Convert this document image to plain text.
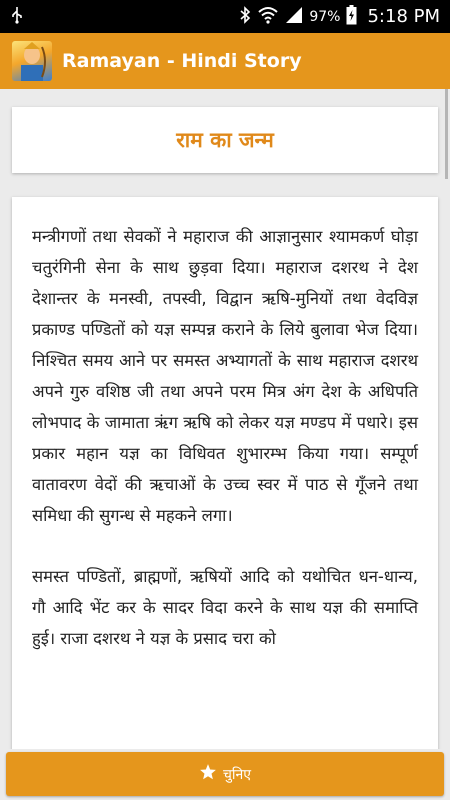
97% 5:18 PM
Ramayan - Hindi Story
राम का जन्म

मन्त्रीगणों तथा सेवकों ने महाराज की आज्ञानुसार श्यामकर्ण घोड़ा चतुरंगिनी सेना के साथ छुड़वा दिया। महाराज दशरथ ने देश देशान्तर के मनस्वी, तपस्वी, विद्वान ऋषि-मुनियों तथा वेदविज्ञ प्रकाण्ड पण्डितों को यज्ञ सम्पन्न कराने के लिये बुलावा भेज दिया। निश्चित समय आने पर समस्त अभ्यागतों के साथ महाराज दशरथ अपने गुरु वशिष्ठ जी तथा अपने परम मित्र अंग देश के अधिपति लोभपाद के जामाता ऋंग ऋषि को लेकर यज्ञ मण्डप में पधारे। इस प्रकार महान यज्ञ का विधिवत शुभारम्भ किया गया। सम्पूर्ण वातावरण वेदों की ऋचाओं के उच्च स्वर में पाठ से गूँजने तथा समिधा की सुगन्ध से महकने लगा।

समस्त पण्डितों, ब्राह्मणों, ऋषियों आदि को यथोचित धन-धान्य, गौ आदि भेंट कर के सादर विदा करने के साथ यज्ञ की समाप्ति हुई। राजा दशरथ ने यज्ञ के प्रसाद चरा को

चुनिए
